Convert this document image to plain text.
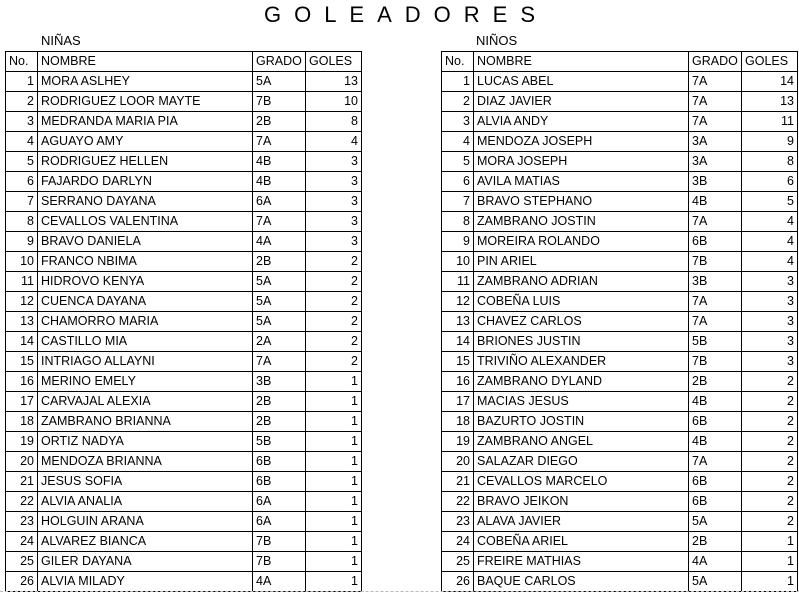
GOLEADORES
NIÑAS	NIÑOS
No.	NOMBRE	GRADO	GOLES
1	MORA ASLHEY	5A	13
2	RODRIGUEZ LOOR MAYTE	7B	10
3	MEDRANDA MARIA PIA	2B	8
4	AGUAYO AMY	7A	4
5	RODRIGUEZ HELLEN	4B	3
6	FAJARDO DARLYN	4B	3
7	SERRANO DAYANA	6A	3
8	CEVALLOS VALENTINA	7A	3
9	BRAVO DANIELA	4A	3
10	FRANCO NBIMA	2B	2
11	HIDROVO KENYA	5A	2
12	CUENCA DAYANA	5A	2
13	CHAMORRO MARIA	5A	2
14	CASTILLO MIA	2A	2
15	INTRIAGO ALLAYNI	7A	2
16	MERINO EMELY	3B	1
17	CARVAJAL ALEXIA	2B	1
18	ZAMBRANO BRIANNA	2B	1
19	ORTIZ NADYA	5B	1
20	MENDOZA BRIANNA	6B	1
21	JESUS SOFIA	6B	1
22	ALVIA ANALIA	6A	1
23	HOLGUIN ARANA	6A	1
24	ALVAREZ BIANCA	7B	1
25	GILER DAYANA	7B	1
26	ALVIA MILADY	4A	1
No.	NOMBRE	GRADO	GOLES
1	LUCAS ABEL	7A	14
2	DIAZ JAVIER	7A	13
3	ALVIA ANDY	7A	11
4	MENDOZA JOSEPH	3A	9
5	MORA JOSEPH	3A	8
6	AVILA MATIAS	3B	6
7	BRAVO STEPHANO	4B	5
8	ZAMBRANO JOSTIN	7A	4
9	MOREIRA ROLANDO	6B	4
10	PIN ARIEL	7B	4
11	ZAMBRANO ADRIAN	3B	3
12	COBEÑA LUIS	7A	3
13	CHAVEZ CARLOS	7A	3
14	BRIONES JUSTIN	5B	3
15	TRIVIÑO ALEXANDER	7B	3
16	ZAMBRANO DYLAND	2B	2
17	MACIAS JESUS	4B	2
18	BAZURTO JOSTIN	6B	2
19	ZAMBRANO ANGEL	4B	2
20	SALAZAR DIEGO	7A	2
21	CEVALLOS MARCELO	6B	2
22	BRAVO JEIKON	6B	2
23	ALAVA JAVIER	5A	2
24	COBEÑA ARIEL	2B	1
25	FREIRE MATHIAS	4A	1
26	BAQUE CARLOS	5A	1
